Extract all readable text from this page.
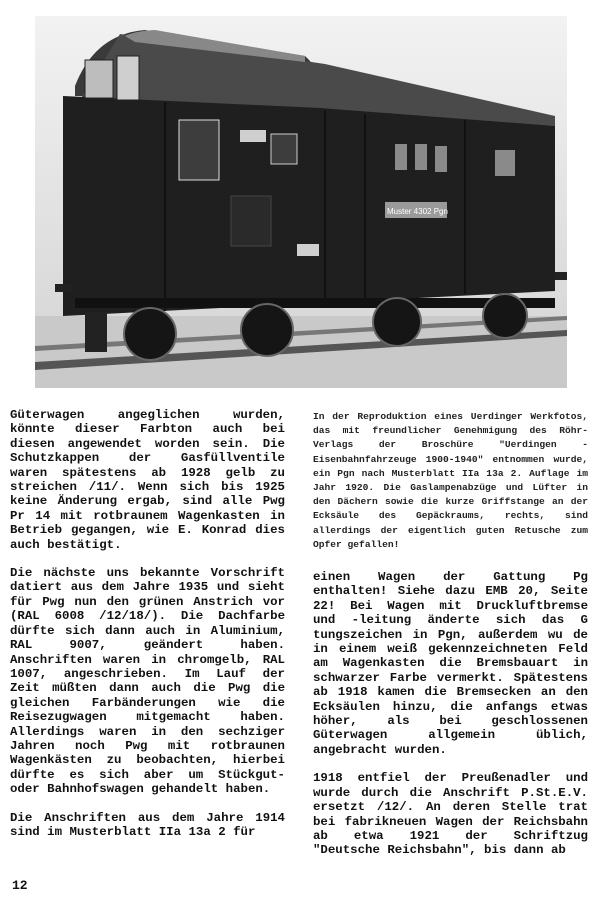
Muster 4302 Pgn
In der Reproduktion eines Uerdinger Werkfotos, das mit freundlicher Genehmigung des Röhr-Verlags der Broschüre "Uerdingen - Eisenbahnfahrzeuge 1900-1940" entnommen wurde, ein Pgn nach Musterblatt IIa 13a 2. Auflage im Jahr 1920. Die Gaslampenabzüge und Lüfter in den Dächern sowie die kurze Griffstange an der Ecksäule des Gepäckraums, rechts, sind allerdings der eigentlich guten Retusche zum Opfer gefallen!

Güterwagen angeglichen wurden, könnte dieser Farbton auch bei diesen angewendet worden sein. Die Schutzkappen der Gasfüllventile waren spätestens ab 1928 gelb zu streichen /11/. Wenn sich bis 1925 keine Änderung ergab, sind alle Pwg Pr 14 mit rotbraunem Wagenkasten in Betrieb gegangen, wie E. Konrad dies auch bestätigt.

Die nächste uns bekannte Vorschrift datiert aus dem Jahre 1935 und sieht für Pwg nun den grünen Anstrich vor (RAL 6008 /12/18/). Die Dachfarbe dürfte sich dann auch in Aluminium, RAL 9007, geändert haben. Anschriften waren in chromgelb, RAL 1007, angeschrieben. Im Lauf der Zeit müßten dann auch die Pwg die gleichen Farbänderungen wie die Reisezugwagen mitgemacht haben. Allerdings waren in den sechziger Jahren noch Pwg mit rotbraunen Wagenkästen zu beobachten, hierbei dürfte es sich aber um Stückgut- oder Bahnhofswagen gehandelt haben.

Die Anschriften aus dem Jahre 1914 sind im Musterblatt IIa 13a 2 für

einen Wagen der Gattung Pg enthalten! Siehe dazu EMB 20, Seite 22! Bei Wagen mit Druckluftbremse und -leitung änderte sich das G tungszeichen in Pgn, außerdem wu de in einem weiß gekennzeichneten Feld am Wagenkasten die Bremsbauart in schwarzer Farbe vermerkt. Spätestens ab 1918 kamen die Bremsecken an den Ecksäulen hinzu, die anfangs etwas höher, als bei geschlossenen Güterwagen allgemein üblich, angebracht wurden.

1918 entfiel der Preußenadler und wurde durch die Anschrift P.St.E.V. ersetzt /12/. An deren Stelle trat bei fabrikneuen Wagen der Reichsbahn ab etwa 1921 der Schriftzug "Deutsche Reichsbahn", bis dann ab

12
